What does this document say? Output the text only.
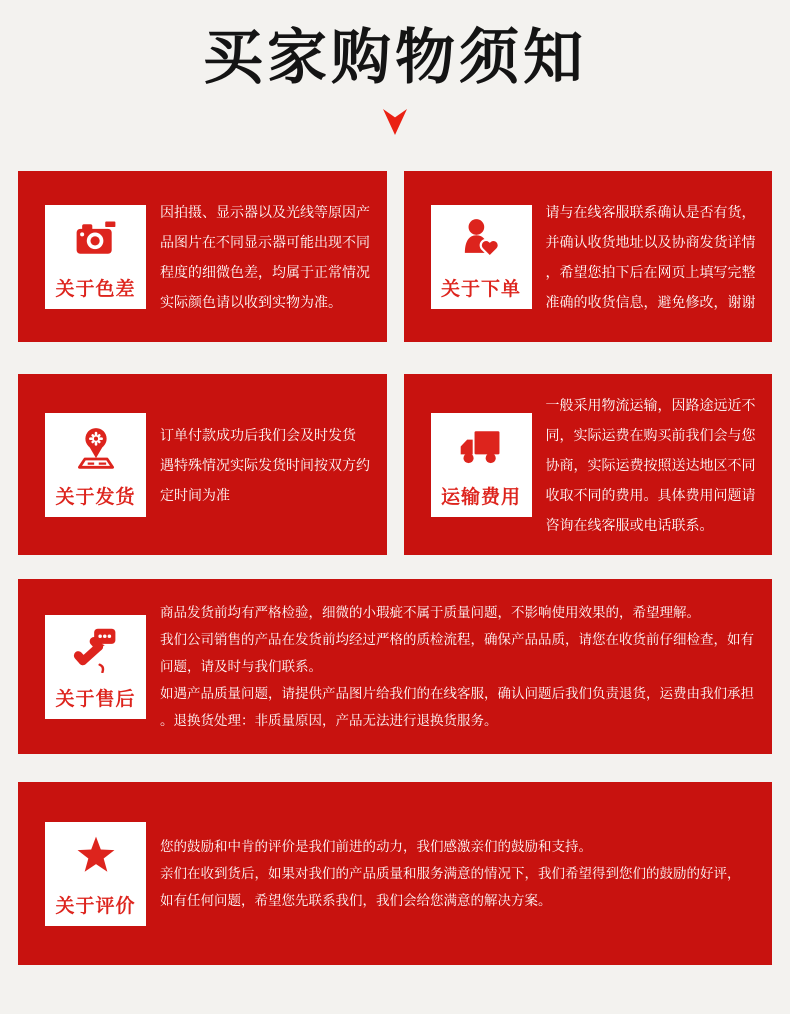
买家购物须知
关于色差
因拍摄、显示器以及光线等原因产
品图片在不同显示器可能出现不同
程度的细微色差，均属于正常情况
实际颜色请以收到实物为准。
关于下单
请与在线客服联系确认是否有货，
并确认收货地址以及协商发货详情
，希望您拍下后在网页上填写完整
准确的收货信息，避免修改，谢谢
关于发货
订单付款成功后我们会及时发货
遇特殊情况实际发货时间按双方约
定时间为准	运输费用
一般采用物流运输，因路途远近不
同，实际运费在购买前我们会与您
协商，实际运费按照送达地区不同
收取不同的费用。具体费用问题请
咨询在线客服或电话联系。
关于售后
商品发货前均有严格检验，细微的小瑕疵不属于质量问题，不影响使用效果的，希望理解。
我们公司销售的产品在发货前均经过严格的质检流程，确保产品品质，请您在收货前仔细检查，如有
问题，请及时与我们联系。
如遇产品质量问题，请提供产品图片给我们的在线客服，确认问题后我们负责退货，运费由我们承担
。退换货处理：非质量原因，产品无法进行退换货服务。
关于评价
您的鼓励和中肯的评价是我们前进的动力，我们感激亲们的鼓励和支持。
亲们在收到货后，如果对我们的产品质量和服务满意的情况下，我们希望得到您们的鼓励的好评，
如有任何问题，希望您先联系我们，我们会给您满意的解决方案。
